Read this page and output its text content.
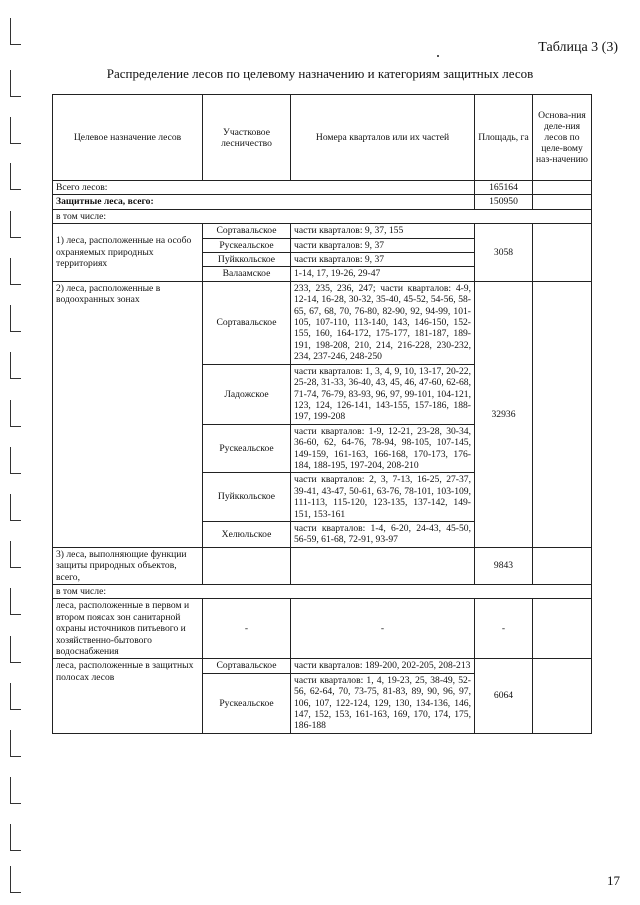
Таблица 3 (3)
Распределение лесов по целевому назначению и категориям защитных лесов
Целевое назначение лесов	Участковое лесничество	Номера кварталов или их частей	Площадь, га	Основа-ния деле-ния лесов по целе-вому наз-начению
Всего лесов:			165164	
Защитные леса, всего:			150950	
в том числе:				
1) леса, расположенные на особо охраняемых природных территориях	Сортавальское	части кварталов: 9, 37, 155	3058	
	Рускеальское	части кварталов: 9, 37		
	Пуйккольское	части кварталов: 9, 37		
	Валаамское	1-14, 17, 19-26, 29-47		
2) леса, расположенные в водоохранных зонах	Сортавальское	233, 235, 236, 247; части кварталов: 4-9, 12-14, 16-28, 30-32, 35-40, 45-52, 54-56, 58-65, 67, 68, 70, 76-80, 82-90, 92, 94-99, 101-105, 107-110, 113-140, 143, 146-150, 152-155, 160, 164-172, 175-177, 181-187, 189-191, 198-208, 210, 214, 216-228, 230-232, 234, 237-246, 248-250	32936	
	Ладожское	части кварталов: 1, 3, 4, 9, 10, 13-17, 20-22, 25-28, 31-33, 36-40, 43, 45, 46, 47-60, 62-68, 71-74, 76-79, 83-93, 96, 97, 99-101, 104-121, 123, 124, 126-141, 143-155, 157-186, 188-197, 199-208		
	Рускеальское	части кварталов: 1-9, 12-21, 23-28, 30-34, 36-60, 62, 64-76, 78-94, 98-105, 107-145, 149-159, 161-163, 166-168, 170-173, 176-184, 188-195, 197-204, 208-210		
	Пуйккольское	части кварталов: 2, 3, 7-13, 16-25, 27-37, 39-41, 43-47, 50-61, 63-76, 78-101, 103-109, 111-113, 115-120, 123-135, 137-142, 149-151, 153-161		
	Хелюльское	части кварталов: 1-4, 6-20, 24-43, 45-50, 56-59, 61-68, 72-91, 93-97		
3) леса, выполняющие функции защиты природных объектов, всего,			9843	
в том числе:				
леса, расположенные в первом и втором поясах зон санитарной охраны источников питьевого и хозяйственно-бытового водоснабжения	-	-	-	
леса, расположенные в защитных полосах лесов	Сортавальское	части кварталов: 189-200, 202-205, 208-213	6064	
	Рускеальское	части кварталов: 1, 4, 19-23, 25, 38-49, 52-56, 62-64, 70, 73-75, 81-83, 89, 90, 96, 97, 106, 107, 122-124, 129, 130, 134-136, 146, 147, 152, 153, 161-163, 169, 170, 174, 175, 186-188		
17
